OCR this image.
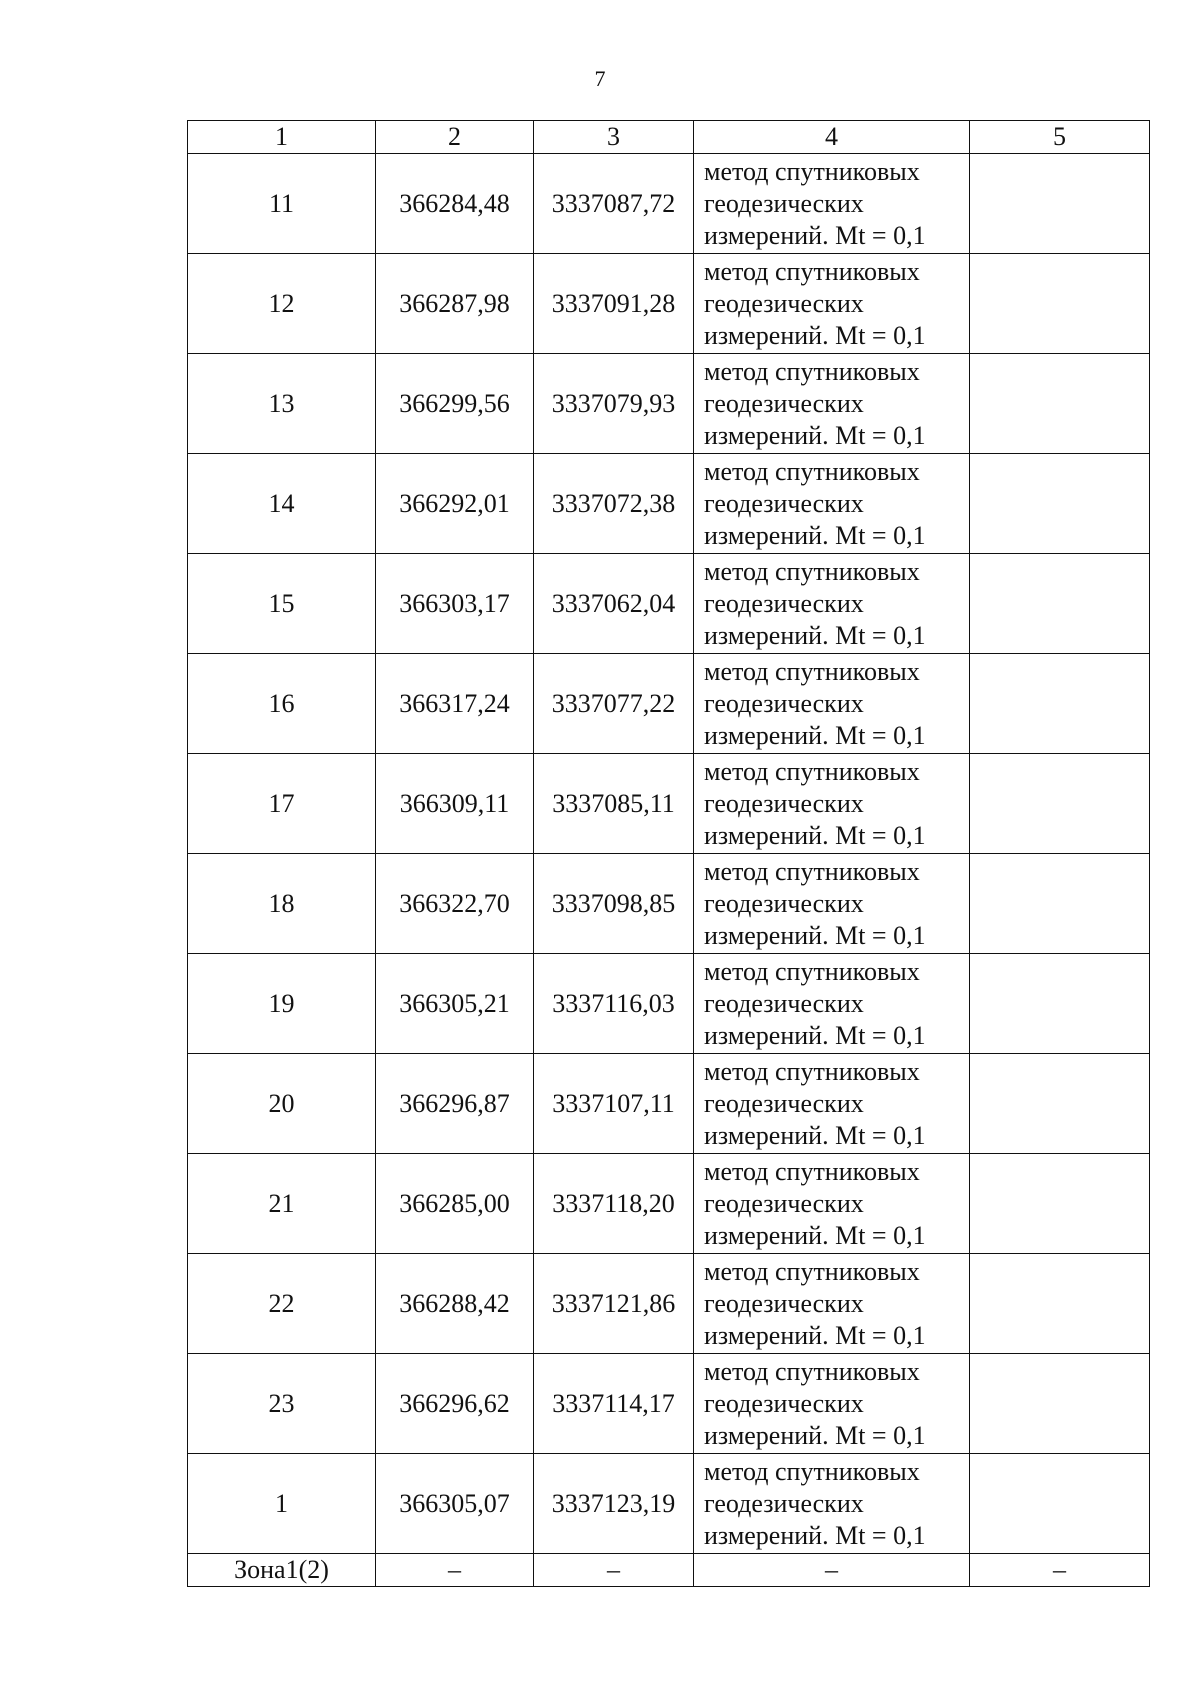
7
1	2	3	4	5
11	366284,48	3337087,72	метод спутниковых
геодезических
измерений. Mt = 0,1	

12	366287,98	3337091,28	метод спутниковых
геодезических
измерений. Mt = 0,1	

13	366299,56	3337079,93	метод спутниковых
геодезических
измерений. Mt = 0,1	

14	366292,01	3337072,38	метод спутниковых
геодезических
измерений. Mt = 0,1	

15	366303,17	3337062,04	метод спутниковых
геодезических
измерений. Mt = 0,1	

16	366317,24	3337077,22	метод спутниковых
геодезических
измерений. Mt = 0,1	

17	366309,11	3337085,11	метод спутниковых
геодезических
измерений. Mt = 0,1	

18	366322,70	3337098,85	метод спутниковых
геодезических
измерений. Mt = 0,1	

19	366305,21	3337116,03	метод спутниковых
геодезических
измерений. Mt = 0,1	

20	366296,87	3337107,11	метод спутниковых
геодезических
измерений. Mt = 0,1	

21	366285,00	3337118,20	метод спутниковых
геодезических
измерений. Mt = 0,1	

22	366288,42	3337121,86	метод спутниковых
геодезических
измерений. Mt = 0,1	

23	366296,62	3337114,17	метод спутниковых
геодезических
измерений. Mt = 0,1	

1	366305,07	3337123,19	метод спутниковых
геодезических
измерений. Mt = 0,1	

Зона1(2)	–	–	–	–
